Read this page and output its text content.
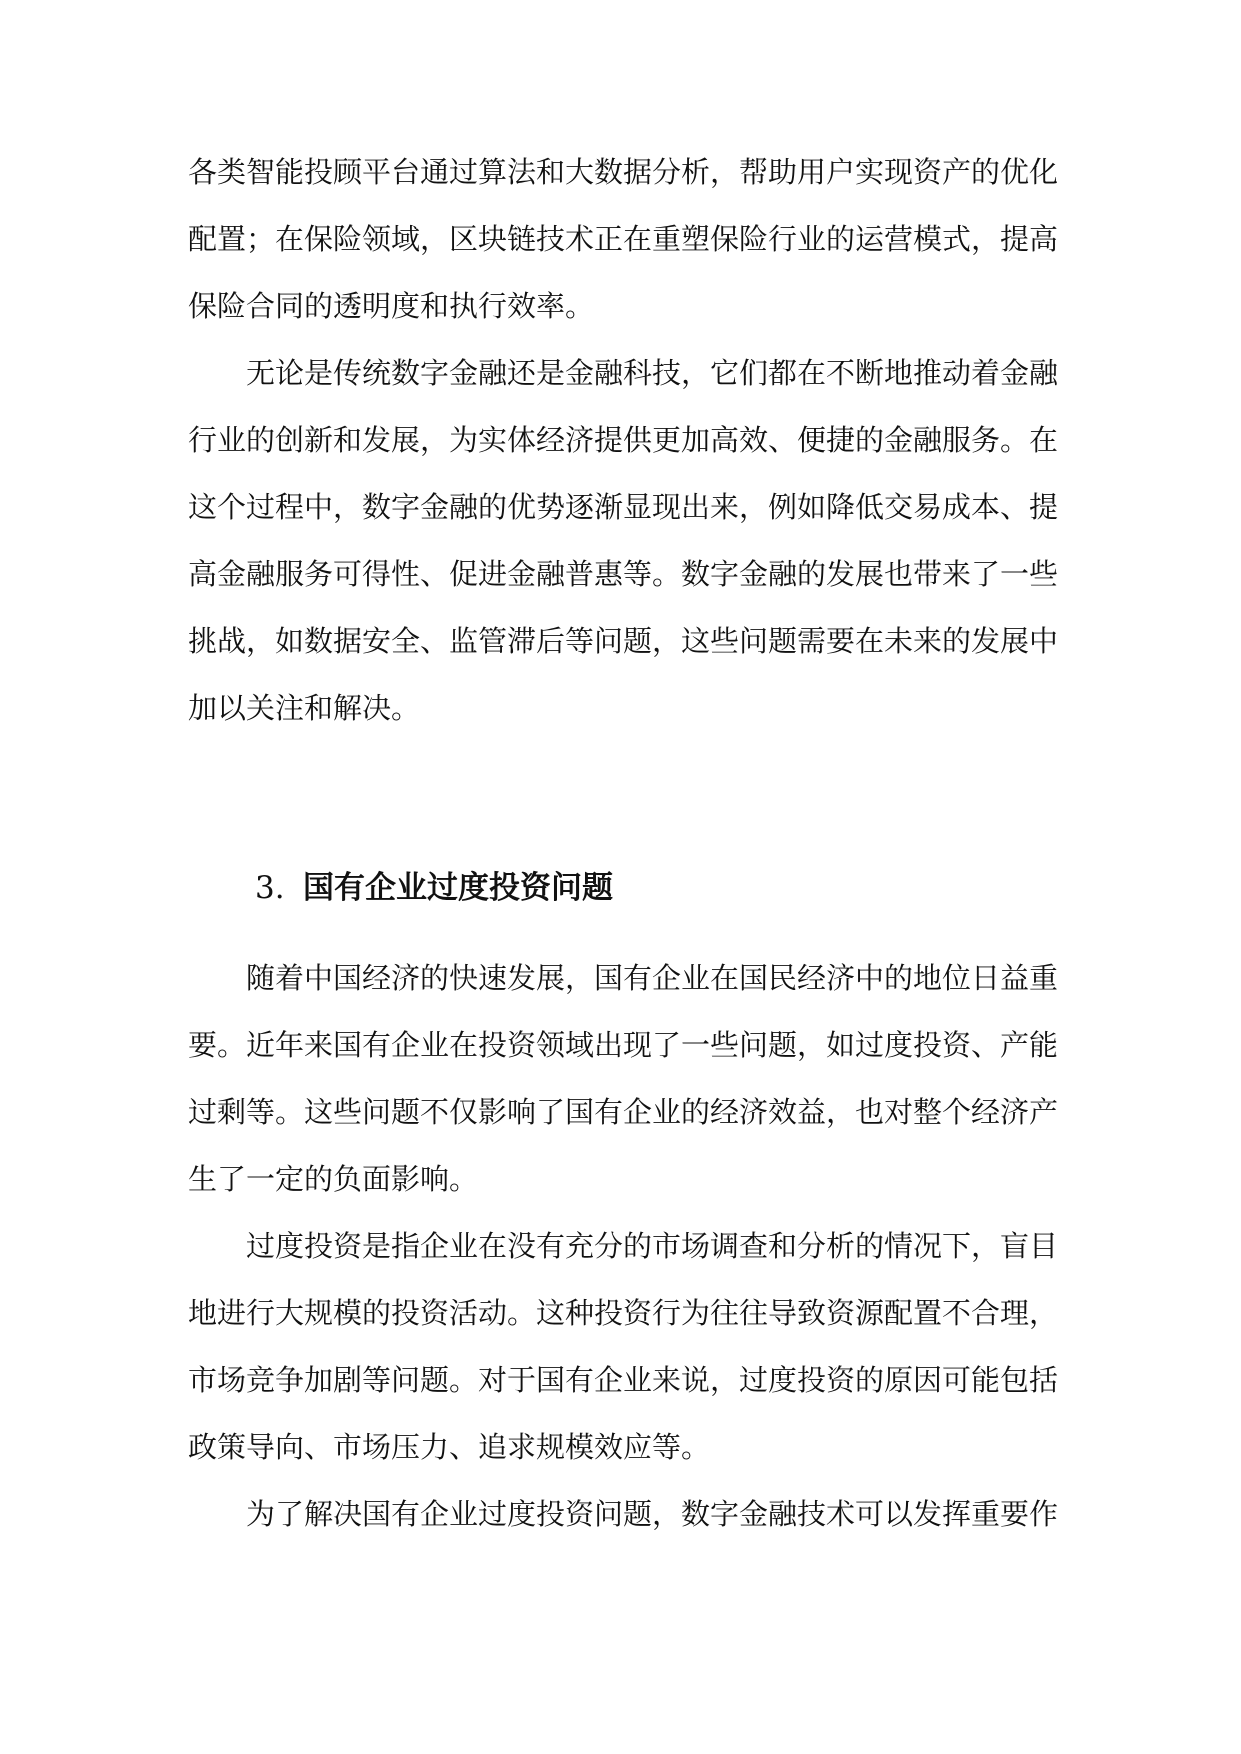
各类智能投顾平台通过算法和大数据分析，帮助用户实现资产的优化
配置；在保险领域，区块链技术正在重塑保险行业的运营模式，提高
保险合同的透明度和执行效率。
无论是传统数字金融还是金融科技，它们都在不断地推动着金融
行业的创新和发展，为实体经济提供更加高效、便捷的金融服务。在
这个过程中，数字金融的优势逐渐显现出来，例如降低交易成本、提
高金融服务可得性、促进金融普惠等。数字金融的发展也带来了一些
挑战，如数据安全、监管滞后等问题，这些问题需要在未来的发展中
加以关注和解决。
3. 国有企业过度投资问题
随着中国经济的快速发展，国有企业在国民经济中的地位日益重
要。近年来国有企业在投资领域出现了一些问题，如过度投资、产能
过剩等。这些问题不仅影响了国有企业的经济效益，也对整个经济产
生了一定的负面影响。
过度投资是指企业在没有充分的市场调查和分析的情况下，盲目
地进行大规模的投资活动。这种投资行为往往导致资源配置不合理，
市场竞争加剧等问题。对于国有企业来说，过度投资的原因可能包括
政策导向、市场压力、追求规模效应等。
为了解决国有企业过度投资问题，数字金融技术可以发挥重要作
